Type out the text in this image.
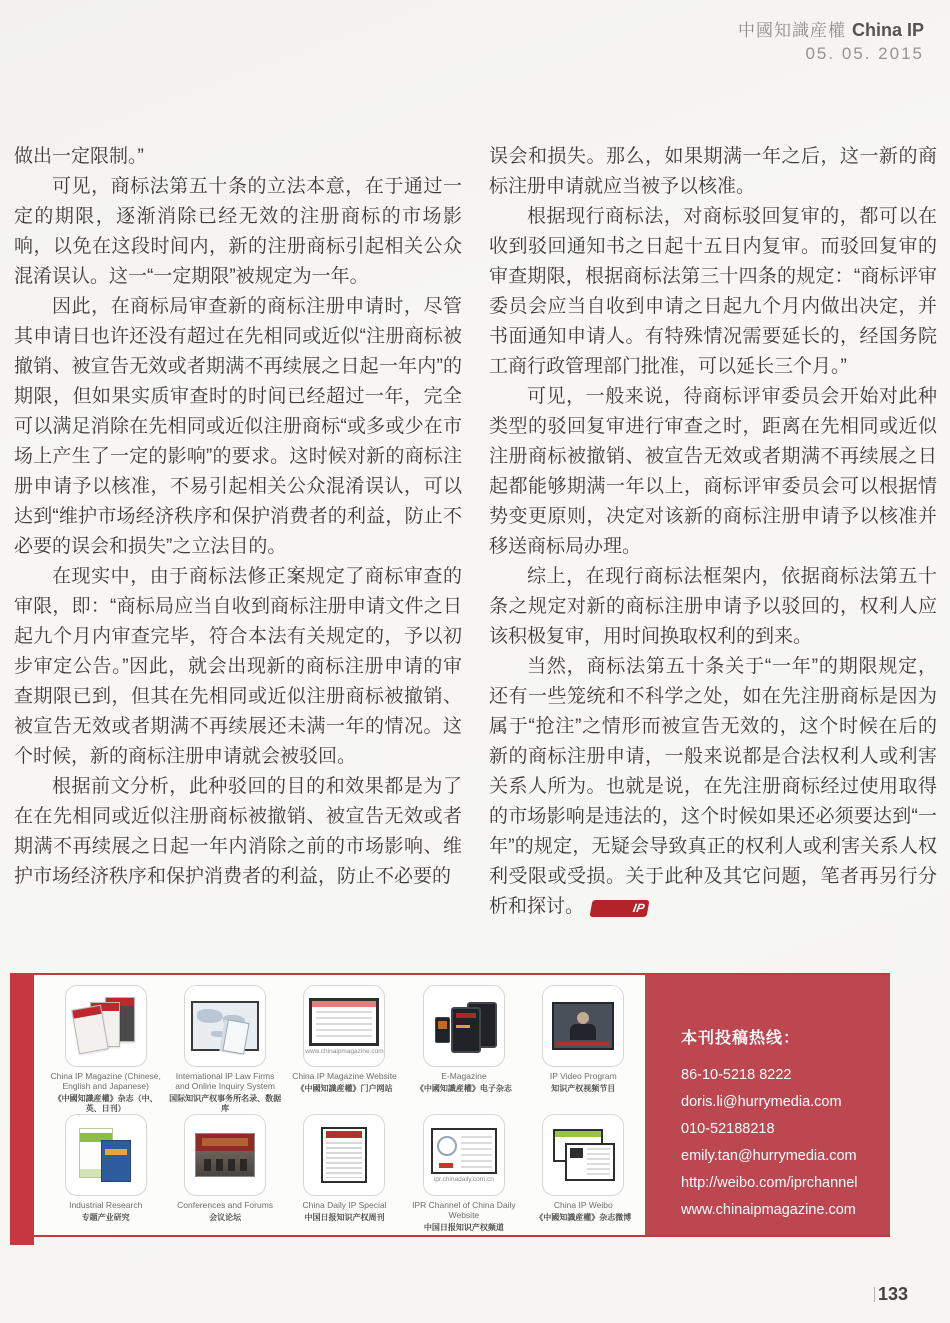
中國知識産權 China IP
05. 05. 2015

做出一定限制。”

可见，商标法第五十条的立法本意，在于通过一定的期限，逐渐消除已经无效的注册商标的市场影响，以免在这段时间内，新的注册商标引起相关公众混淆误认。这一“一定期限”被规定为一年。

因此，在商标局审查新的商标注册申请时，尽管其申请日也许还没有超过在先相同或近似“注册商标被撤销、被宣告无效或者期满不再续展之日起一年内”的期限，但如果实质审查时的时间已经超过一年，完全可以满足消除在先相同或近似注册商标“或多或少在市场上产生了一定的影响”的要求。这时候对新的商标注册申请予以核准，不易引起相关公众混淆误认，可以达到“维护市场经济秩序和保护消费者的利益，防止不必要的误会和损失”之立法目的。

在现实中，由于商标法修正案规定了商标审查的审限，即：“商标局应当自收到商标注册申请文件之日起九个月内审查完毕，符合本法有关规定的，予以初步审定公告。”因此，就会出现新的商标注册申请的审查期限已到，但其在先相同或近似注册商标被撤销、被宣告无效或者期满不再续展还未满一年的情况。这个时候，新的商标注册申请就会被驳回。

根据前文分析，此种驳回的目的和效果都是为了在在先相同或近似注册商标被撤销、被宣告无效或者期满不再续展之日起一年内消除之前的市场影响、维护市场经济秩序和保护消费者的利益，防止不必要的

误会和损失。那么，如果期满一年之后，这一新的商标注册申请就应当被予以核准。

根据现行商标法，对商标驳回复审的，都可以在收到驳回通知书之日起十五日内复审。而驳回复审的审查期限，根据商标法第三十四条的规定：“商标评审委员会应当自收到申请之日起九个月内做出决定，并书面通知申请人。有特殊情况需要延长的，经国务院工商行政管理部门批准，可以延长三个月。”

可见，一般来说，待商标评审委员会开始对此种类型的驳回复审进行审查之时，距离在先相同或近似注册商标被撤销、被宣告无效或者期满不再续展之日起都能够期满一年以上，商标评审委员会可以根据情势变更原则，决定对该新的商标注册申请予以核准并移送商标局办理。

综上，在现行商标法框架内，依据商标法第五十条之规定对新的商标注册申请予以驳回的，权利人应该积极复审，用时间换取权利的到来。

当然，商标法第五十条关于“一年”的期限规定，还有一些笼统和不科学之处，如在先注册商标是因为属于“抢注”之情形而被宣告无效的，这个时候在后的新的商标注册申请，一般来说都是合法权利人或利害关系人所为。也就是说，在先注册商标经过使用取得的市场影响是违法的，这个时候如果还必须要达到“一年”的规定，无疑会导致真正的权利人或利害关系人权利受限或受损。关于此种及其它问题，笔者再另行分析和探讨。	IP

China IP Magazine (Chinese, English and Japanese)
《中國知識産權》杂志（中、英、日刊）
International IP Law Firms and Online Inquiry System
国际知识产权事务所名录、数据库
www.chinaipmagazine.com
China IP Magazine Website
《中國知識産權》门户网站
E-Magazine
《中國知識産權》电子杂志
IP Video Program
知识产权视频节目
Industrial Research
专题产业研究
Conferences and Forums
会议论坛
China Daily IP Special
中国日报知识产权周刊
ipr.chinadaily.com.cn
IPR Channel of China Daily Website
中国日报知识产权频道
China IP Weibo
《中國知識産權》杂志微博
本刊投稿热线：
86-10-5218 8222
doris.li@hurrymedia.com
010-52188218
emily.tan@hurrymedia.com
http://weibo.com/iprchannel
www.chinaipmagazine.com
133
